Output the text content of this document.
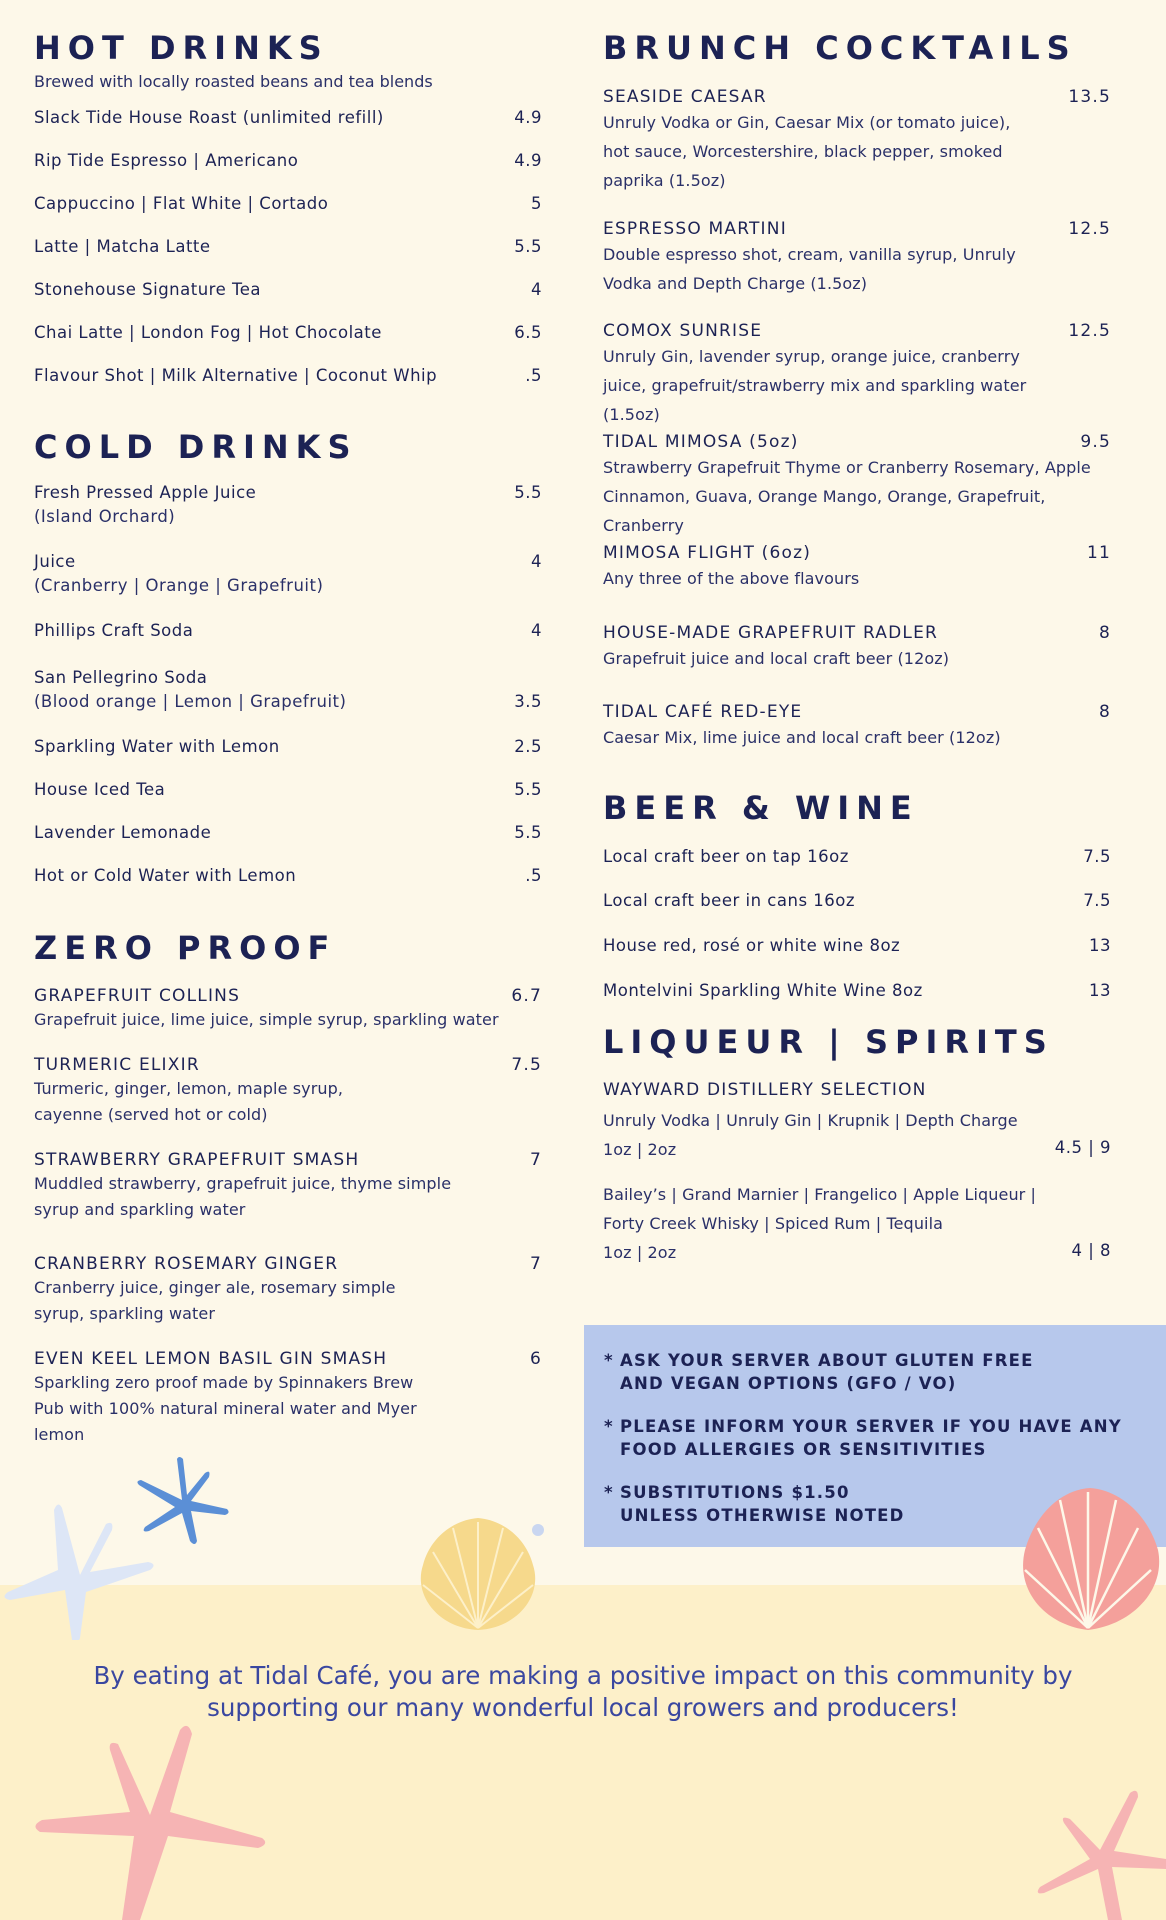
HOT DRINKS
Brewed with locally roasted beans and tea blends
Slack Tide House Roast (unlimited refill)	4.9
Rip Tide Espresso | Americano	4.9
Cappuccino | Flat White | Cortado	5
Latte | Matcha Latte	5.5
Stonehouse Signature Tea	4
Chai Latte | London Fog | Hot Chocolate	6.5
Flavour Shot | Milk Alternative | Coconut Whip	.5
COLD DRINKS
Fresh Pressed Apple Juice	5.5
(Island Orchard)
Juice	4
(Cranberry | Orange | Grapefruit)
Phillips Craft Soda	4
San Pellegrino Soda
(Blood orange | Lemon | Grapefruit)	3.5
Sparkling Water with Lemon	2.5
House Iced Tea	5.5
Lavender Lemonade	5.5
Hot or Cold Water with Lemon	.5
ZERO PROOF
GRAPEFRUIT COLLINS	6.7
Grapefruit juice, lime juice, simple syrup, sparkling water
TURMERIC ELIXIR	7.5
Turmeric, ginger, lemon, maple syrup, cayenne (served hot or cold)
STRAWBERRY GRAPEFRUIT SMASH	7
Muddled strawberry, grapefruit juice, thyme simple syrup and sparkling water
CRANBERRY ROSEMARY GINGER	7
Cranberry juice, ginger ale, rosemary simple syrup, sparkling water
EVEN KEEL LEMON BASIL GIN SMASH	6
Sparkling zero proof made by Spinnakers Brew Pub with 100% natural mineral water and Myer lemon
BRUNCH COCKTAILS
SEASIDE CAESAR	13.5
Unruly Vodka or Gin, Caesar Mix (or tomato juice), hot sauce, Worcestershire, black pepper, smoked paprika (1.5oz)
ESPRESSO MARTINI	12.5
Double espresso shot, cream, vanilla syrup, Unruly Vodka and Depth Charge (1.5oz)
COMOX SUNRISE	12.5
Unruly Gin, lavender syrup, orange juice, cranberry juice, grapefruit/strawberry mix and sparkling water (1.5oz)
TIDAL MIMOSA (5oz)	9.5
Strawberry Grapefruit Thyme or Cranberry Rosemary, Apple Cinnamon, Guava, Orange Mango, Orange, Grapefruit, Cranberry
MIMOSA FLIGHT (6oz)	11
Any three of the above flavours
HOUSE-MADE GRAPEFRUIT RADLER	8
Grapefruit juice and local craft beer (12oz)
TIDAL CAFÉ RED-EYE	8
Caesar Mix, lime juice and local craft beer (12oz)
BEER & WINE
Local craft beer on tap 16oz	7.5
Local craft beer in cans 16oz	7.5
House red, rosé or white wine 8oz	13
Montelvini Sparkling White Wine 8oz	13
LIQUEUR | SPIRITS
WAYWARD DISTILLERY SELECTION
Unruly Vodka | Unruly Gin | Krupnik | Depth Charge
1oz | 2oz	4.5 | 9
Bailey’s | Grand Marnier | Frangelico | Apple Liqueur |
Forty Creek Whisky | Spiced Rum | Tequila
1oz | 2oz	4 | 8
* ASK YOUR SERVER ABOUT GLUTEN FREE
AND VEGAN OPTIONS (GFO / VO)
* PLEASE INFORM YOUR SERVER IF YOU HAVE ANY
FOOD ALLERGIES OR SENSITIVITIES
* SUBSTITUTIONS $1.50
UNLESS OTHERWISE NOTED
By eating at Tidal Café, you are making a positive impact on this community by
supporting our many wonderful local growers and producers!
